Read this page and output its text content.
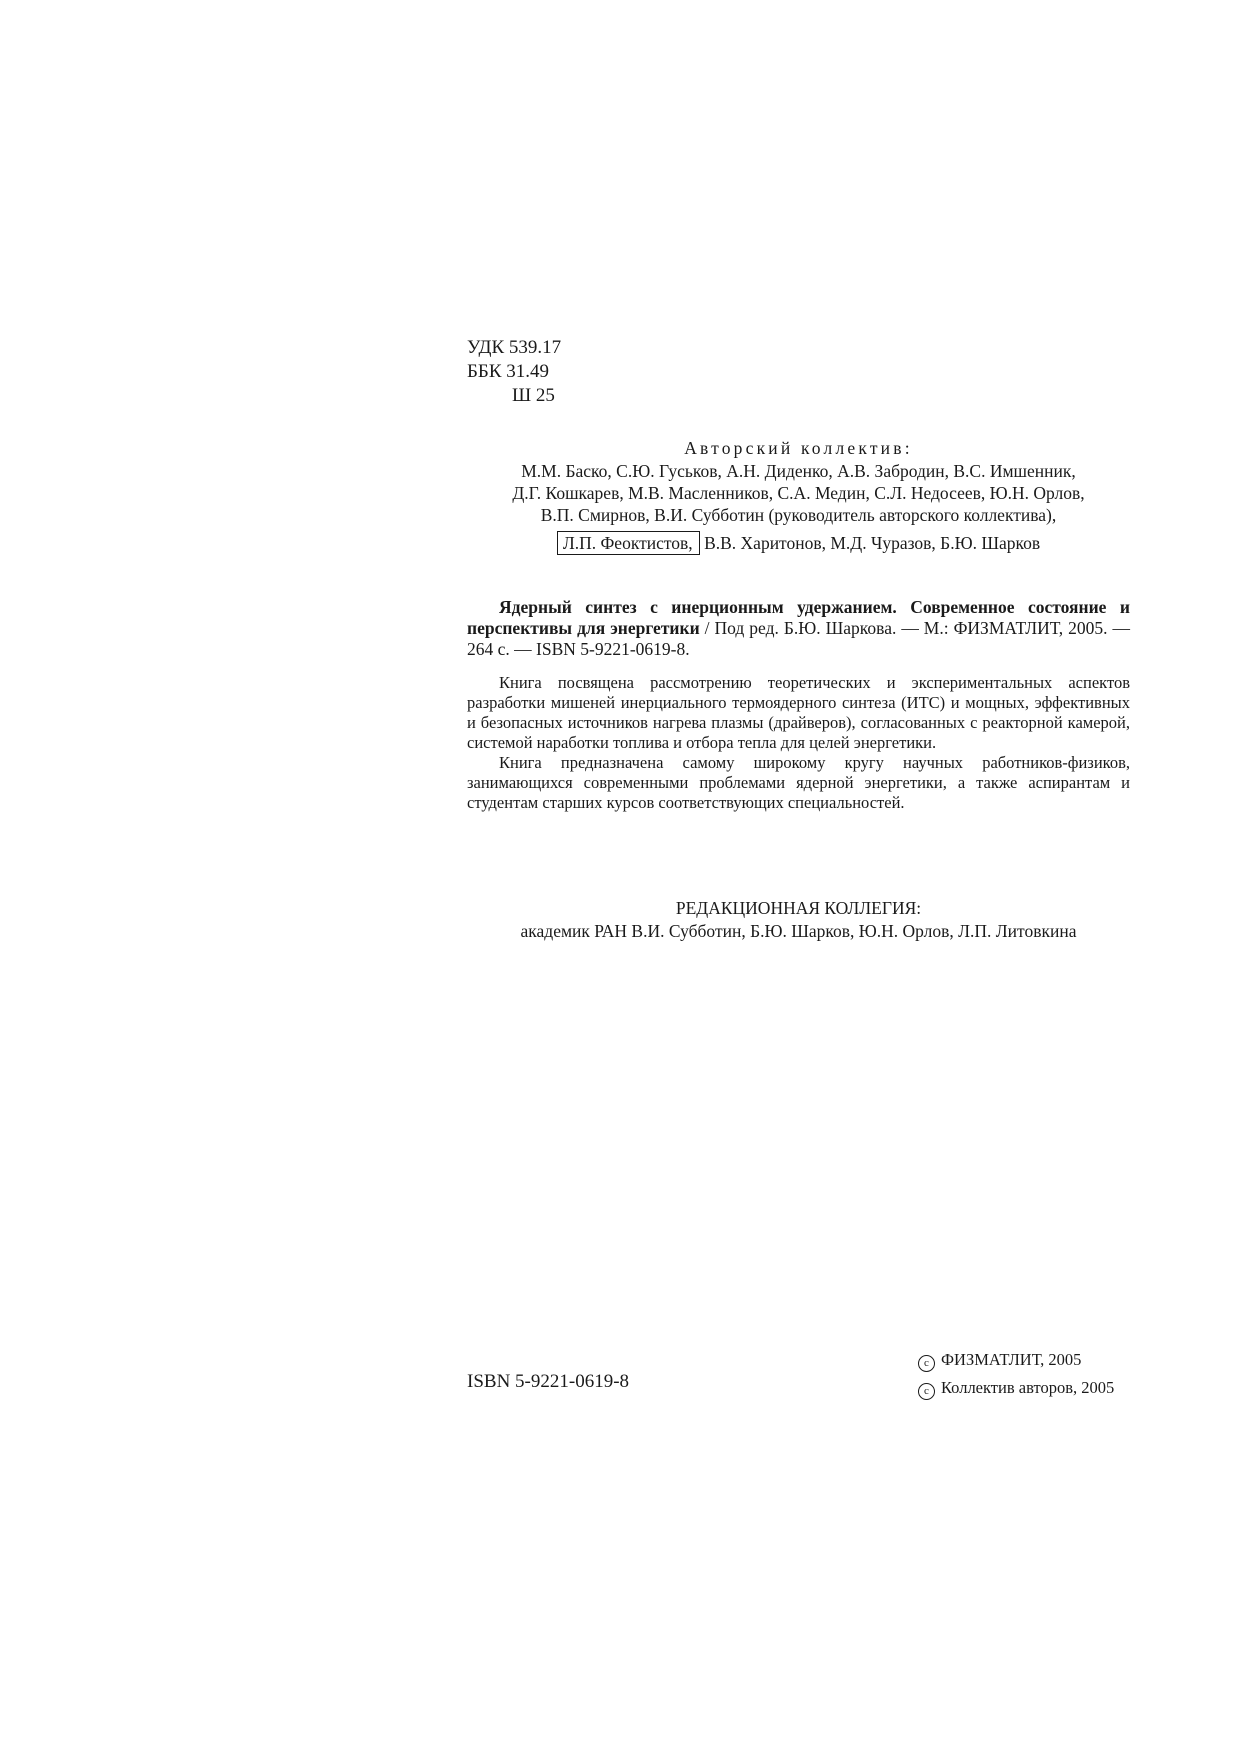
УДК 539.17
ББК 31.49
Ш 25
Авторский коллектив:
М.М. Баско, С.Ю. Гуськов, А.Н. Диденко, А.В. Забродин, В.С. Имшенник,
Д.Г. Кошкарев, М.В. Масленников, С.А. Медин, С.Л. Недосеев, Ю.Н. Орлов,
В.П. Смирнов, В.И. Субботин (руководитель авторского коллектива),
Л.П. Феоктистов, В.В. Харитонов, М.Д. Чуразов, Б.Ю. Шарков
Ядерный синтез с инерционным удержанием. Современное состояние и перспективы для энергетики / Под ред. Б.Ю. Шаркова. — М.: ФИЗМАТЛИТ, 2005. — 264 с. — ISBN 5-9221-0619-8.

Книга посвящена рассмотрению теоретических и экспериментальных аспектов разработки мишеней инерциального термоядерного синтеза (ИТС) и мощных, эффективных и безопасных источников нагрева плазмы (драйверов), согласованных с реакторной камерой, системой наработки топлива и отбора тепла для целей энергетики.

Книга предназначена самому широкому кругу научных работников-физиков, занимающихся современными проблемами ядерной энергетики, а также аспирантам и студентам старших курсов соответствующих специальностей.

РЕДАКЦИОННАЯ КОЛЛЕГИЯ:
академик РАН В.И. Субботин, Б.Ю. Шарков, Ю.Н. Орлов, Л.П. Литовкина
ISBN 5-9221-0619-8
c ФИЗМАТЛИТ, 2005
c Коллектив авторов, 2005
